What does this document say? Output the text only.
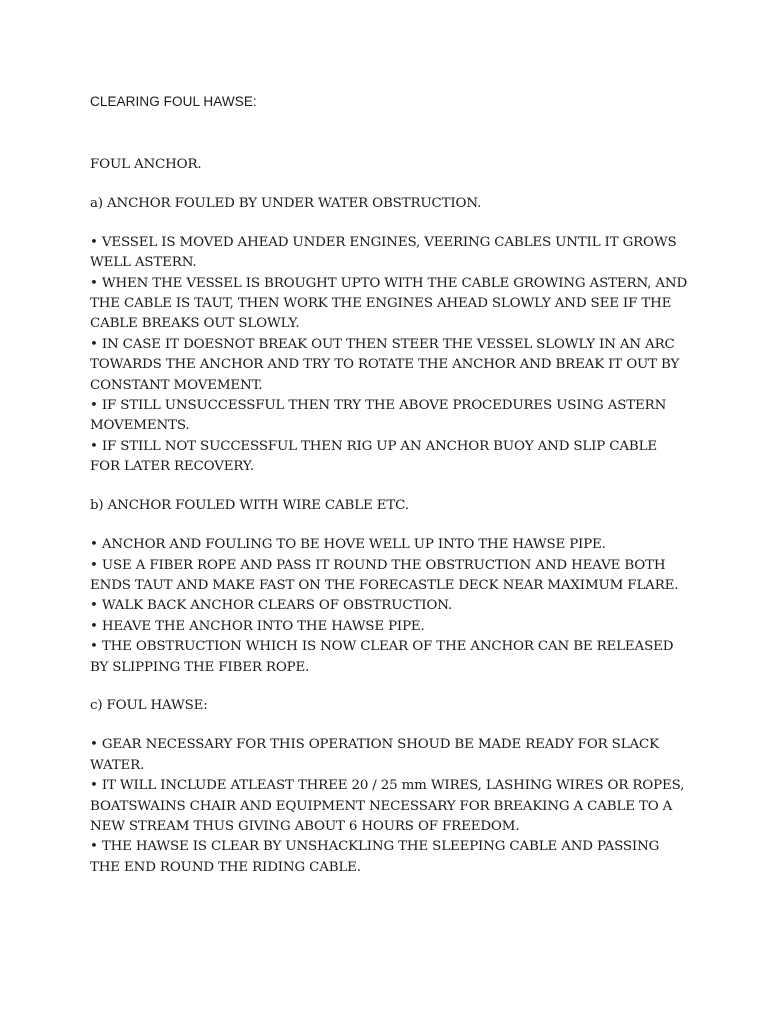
CLEARING FOUL HAWSE:

FOUL ANCHOR.

a) ANCHOR FOULED BY UNDER WATER OBSTRUCTION.

• VESSEL IS MOVED AHEAD UNDER ENGINES, VEERING CABLES UNTIL IT GROWS WELL ASTERN.

• WHEN THE VESSEL IS BROUGHT UPTO WITH THE CABLE GROWING ASTERN, AND THE CABLE IS TAUT, THEN WORK THE ENGINES AHEAD SLOWLY AND SEE IF THE CABLE BREAKS OUT SLOWLY.

• IN CASE IT DOESNOT BREAK OUT THEN STEER THE VESSEL SLOWLY IN AN ARC TOWARDS THE ANCHOR AND TRY TO ROTATE THE ANCHOR AND BREAK IT OUT BY CONSTANT MOVEMENT.

• IF STILL UNSUCCESSFUL THEN TRY THE ABOVE PROCEDURES USING ASTERN MOVEMENTS.

• IF STILL NOT SUCCESSFUL THEN RIG UP AN ANCHOR BUOY AND SLIP CABLE FOR LATER RECOVERY.

b) ANCHOR FOULED WITH WIRE CABLE ETC.

• ANCHOR AND FOULING TO BE HOVE WELL UP INTO THE HAWSE PIPE.

• USE A FIBER ROPE AND PASS IT ROUND THE OBSTRUCTION AND HEAVE BOTH ENDS TAUT AND MAKE FAST ON THE FORECASTLE DECK NEAR MAXIMUM FLARE.

• WALK BACK ANCHOR CLEARS OF OBSTRUCTION.

• HEAVE THE ANCHOR INTO THE HAWSE PIPE.

• THE OBSTRUCTION WHICH IS NOW CLEAR OF THE ANCHOR CAN BE RELEASED BY SLIPPING THE FIBER ROPE.

c) FOUL HAWSE:

• GEAR NECESSARY FOR THIS OPERATION SHOUD BE MADE READY FOR SLACK WATER.

• IT WILL INCLUDE ATLEAST THREE 20 / 25 mm WIRES, LASHING WIRES OR ROPES, BOATSWAINS CHAIR AND EQUIPMENT NECESSARY FOR BREAKING A CABLE TO A NEW STREAM THUS GIVING ABOUT 6 HOURS OF FREEDOM.

• THE HAWSE IS CLEAR BY UNSHACKLING THE SLEEPING CABLE AND PASSING THE END ROUND THE RIDING CABLE.
